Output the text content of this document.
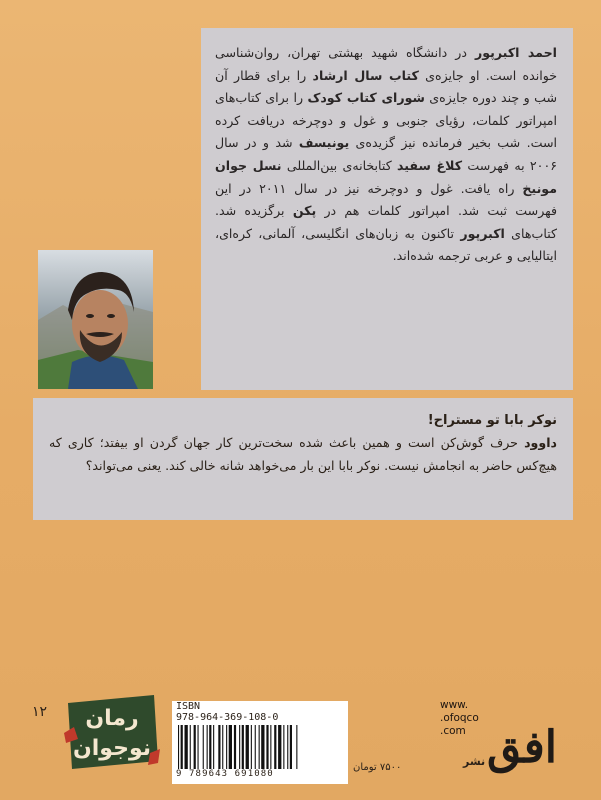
احمد اکبرپور در دانشگاه شهید بهشتی تهران، روان‌شناسی خوانده است. او جایزه‌ی کتاب سال ارشاد را برای قطار آن شب و چند دوره جایزه‌ی شورای کتاب کودک را برای کتاب‌های امپراتور کلمات، رؤیای جنوبی و غول و دوچرخه دریافت کرده است. شب بخیر فرمانده نیز گزیده‌ی یونیسف شد و در سال ۲۰۰۶ به فهرست کلاغ سفید کتابخانه‌ی بین‌المللی نسل جوان مونیخ راه یافت. غول و دوچرخه نیز در سال ۲۰۱۱ در این فهرست ثبت شد. امپراتور کلمات هم در پکن برگزیده شد. کتاب‌های اکبرپور تاکنون به زبان‌های انگلیسی، آلمانی، کره‌ای، ایتالیایی و عربی ترجمه شده‌اند.

نوکر بابا تو مستراح!

داوود حرف گوش‌کن است و همین باعث شده سخت‌ترین کار جهان گردن او بیفتد؛ کاری که هیچ‌کس حاضر به انجامش نیست. نوکر بابا این بار می‌خواهد شانه خالی کند. یعنی می‌تواند؟

۱۲ رمان
نوجوان
ISBN
978-964-369-108-0
9 789643 691080
۷۵۰۰ تومان
www.
.ofoqco
.com افق
نشر
